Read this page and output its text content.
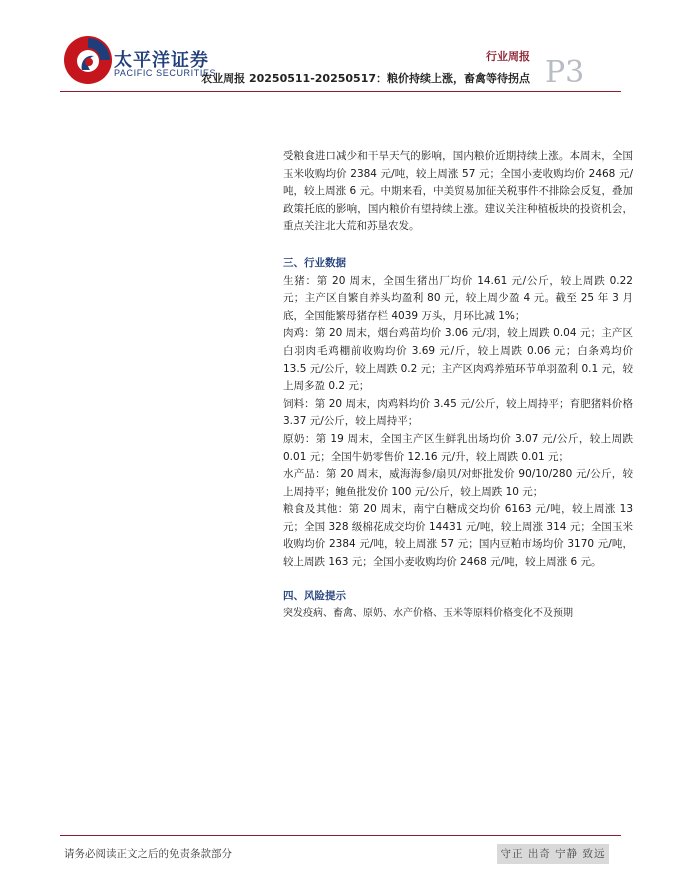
太平洋证券
PACIFIC SECURITIES
行业周报
农业周报 20250511-20250517：粮价持续上涨，畜禽等待拐点 P3

受粮食进口减少和干旱天气的影响，国内粮价近期持续上涨。本周末，全国玉米收购均价 2384 元/吨，较上周涨 57 元；全国小麦收购均价 2468 元/吨，较上周涨 6 元。中期来看，中美贸易加征关税事件不排除会反复，叠加政策托底的影响，国内粮价有望持续上涨。建议关注种植板块的投资机会，重点关注北大荒和苏垦农发。

三、行业数据

生猪：第 20 周末，全国生猪出厂均价 14.61 元/公斤，较上周跌 0.22 元；主产区自繁自养头均盈利 80 元，较上周少盈 4 元。截至 25 年 3 月底，全国能繁母猪存栏 4039 万头，月环比减 1%；

肉鸡：第 20 周末，烟台鸡苗均价 3.06 元/羽，较上周跌 0.04 元；主产区白羽肉毛鸡棚前收购均价 3.69 元/斤，较上周跌 0.06 元；白条鸡均价 13.5 元/公斤，较上周跌 0.2 元；主产区肉鸡养殖环节单羽盈利 0.1 元，较上周多盈 0.2 元；

饲料：第 20 周末，肉鸡料均价 3.45 元/公斤，较上周持平；育肥猪料价格 3.37 元/公斤，较上周持平；

原奶：第 19 周末，全国主产区生鲜乳出场均价 3.07 元/公斤，较上周跌 0.01 元；全国牛奶零售价 12.16 元/升，较上周跌 0.01 元；

水产品：第 20 周末，威海海参/扇贝/对虾批发价 90/10/280 元/公斤，较上周持平；鲍鱼批发价 100 元/公斤，较上周跌 10 元；

粮食及其他：第 20 周末，南宁白糖成交均价 6163 元/吨，较上周涨 13 元；全国 328 级棉花成交均价 14431 元/吨，较上周涨 314 元；全国玉米收购均价 2384 元/吨，较上周涨 57 元；国内豆粕市场均价 3170 元/吨，较上周跌 163 元；全国小麦收购均价 2468 元/吨，较上周涨 6 元。

四、风险提示

突发疫病、畜禽、原奶、水产价格、玉米等原料价格变化不及预期

请务必阅读正文之后的免责条款部分	守正 出奇 宁静 致远
